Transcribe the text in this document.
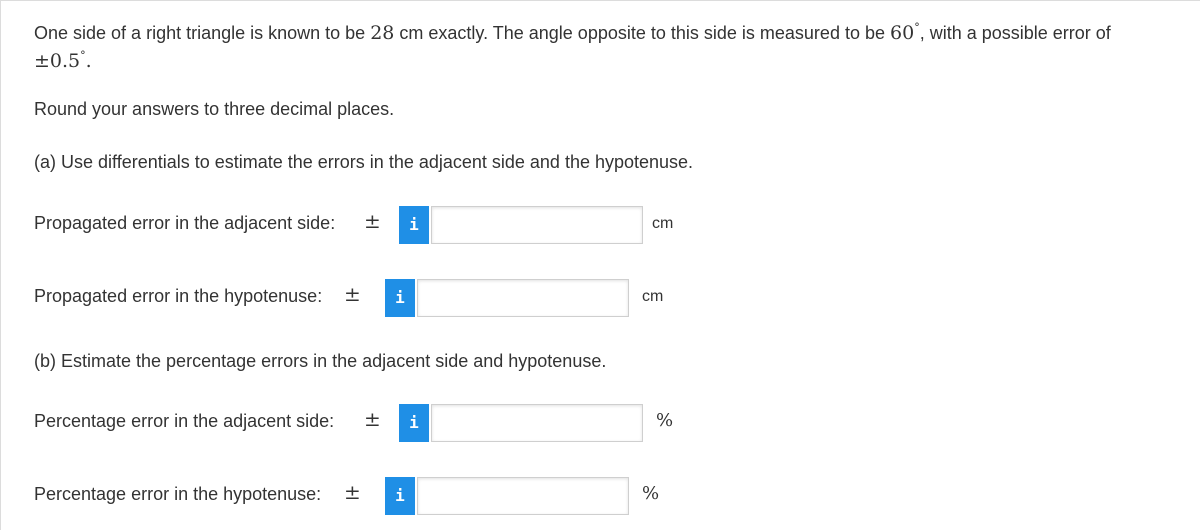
One side of a right triangle is known to be 28 cm exactly. The angle opposite to this side is measured to be 60°, with a possible error of
±0.5°.
Round your answers to three decimal places.
(a) Use differentials to estimate the errors in the adjacent side and the hypotenuse.
Propagated error in the adjacent side: ±	i	cm
Propagated error in the hypotenuse: ±	i	cm
(b) Estimate the percentage errors in the adjacent side and hypotenuse.
Percentage error in the adjacent side: ±	i	%
Percentage error in the hypotenuse: ±	i	%
